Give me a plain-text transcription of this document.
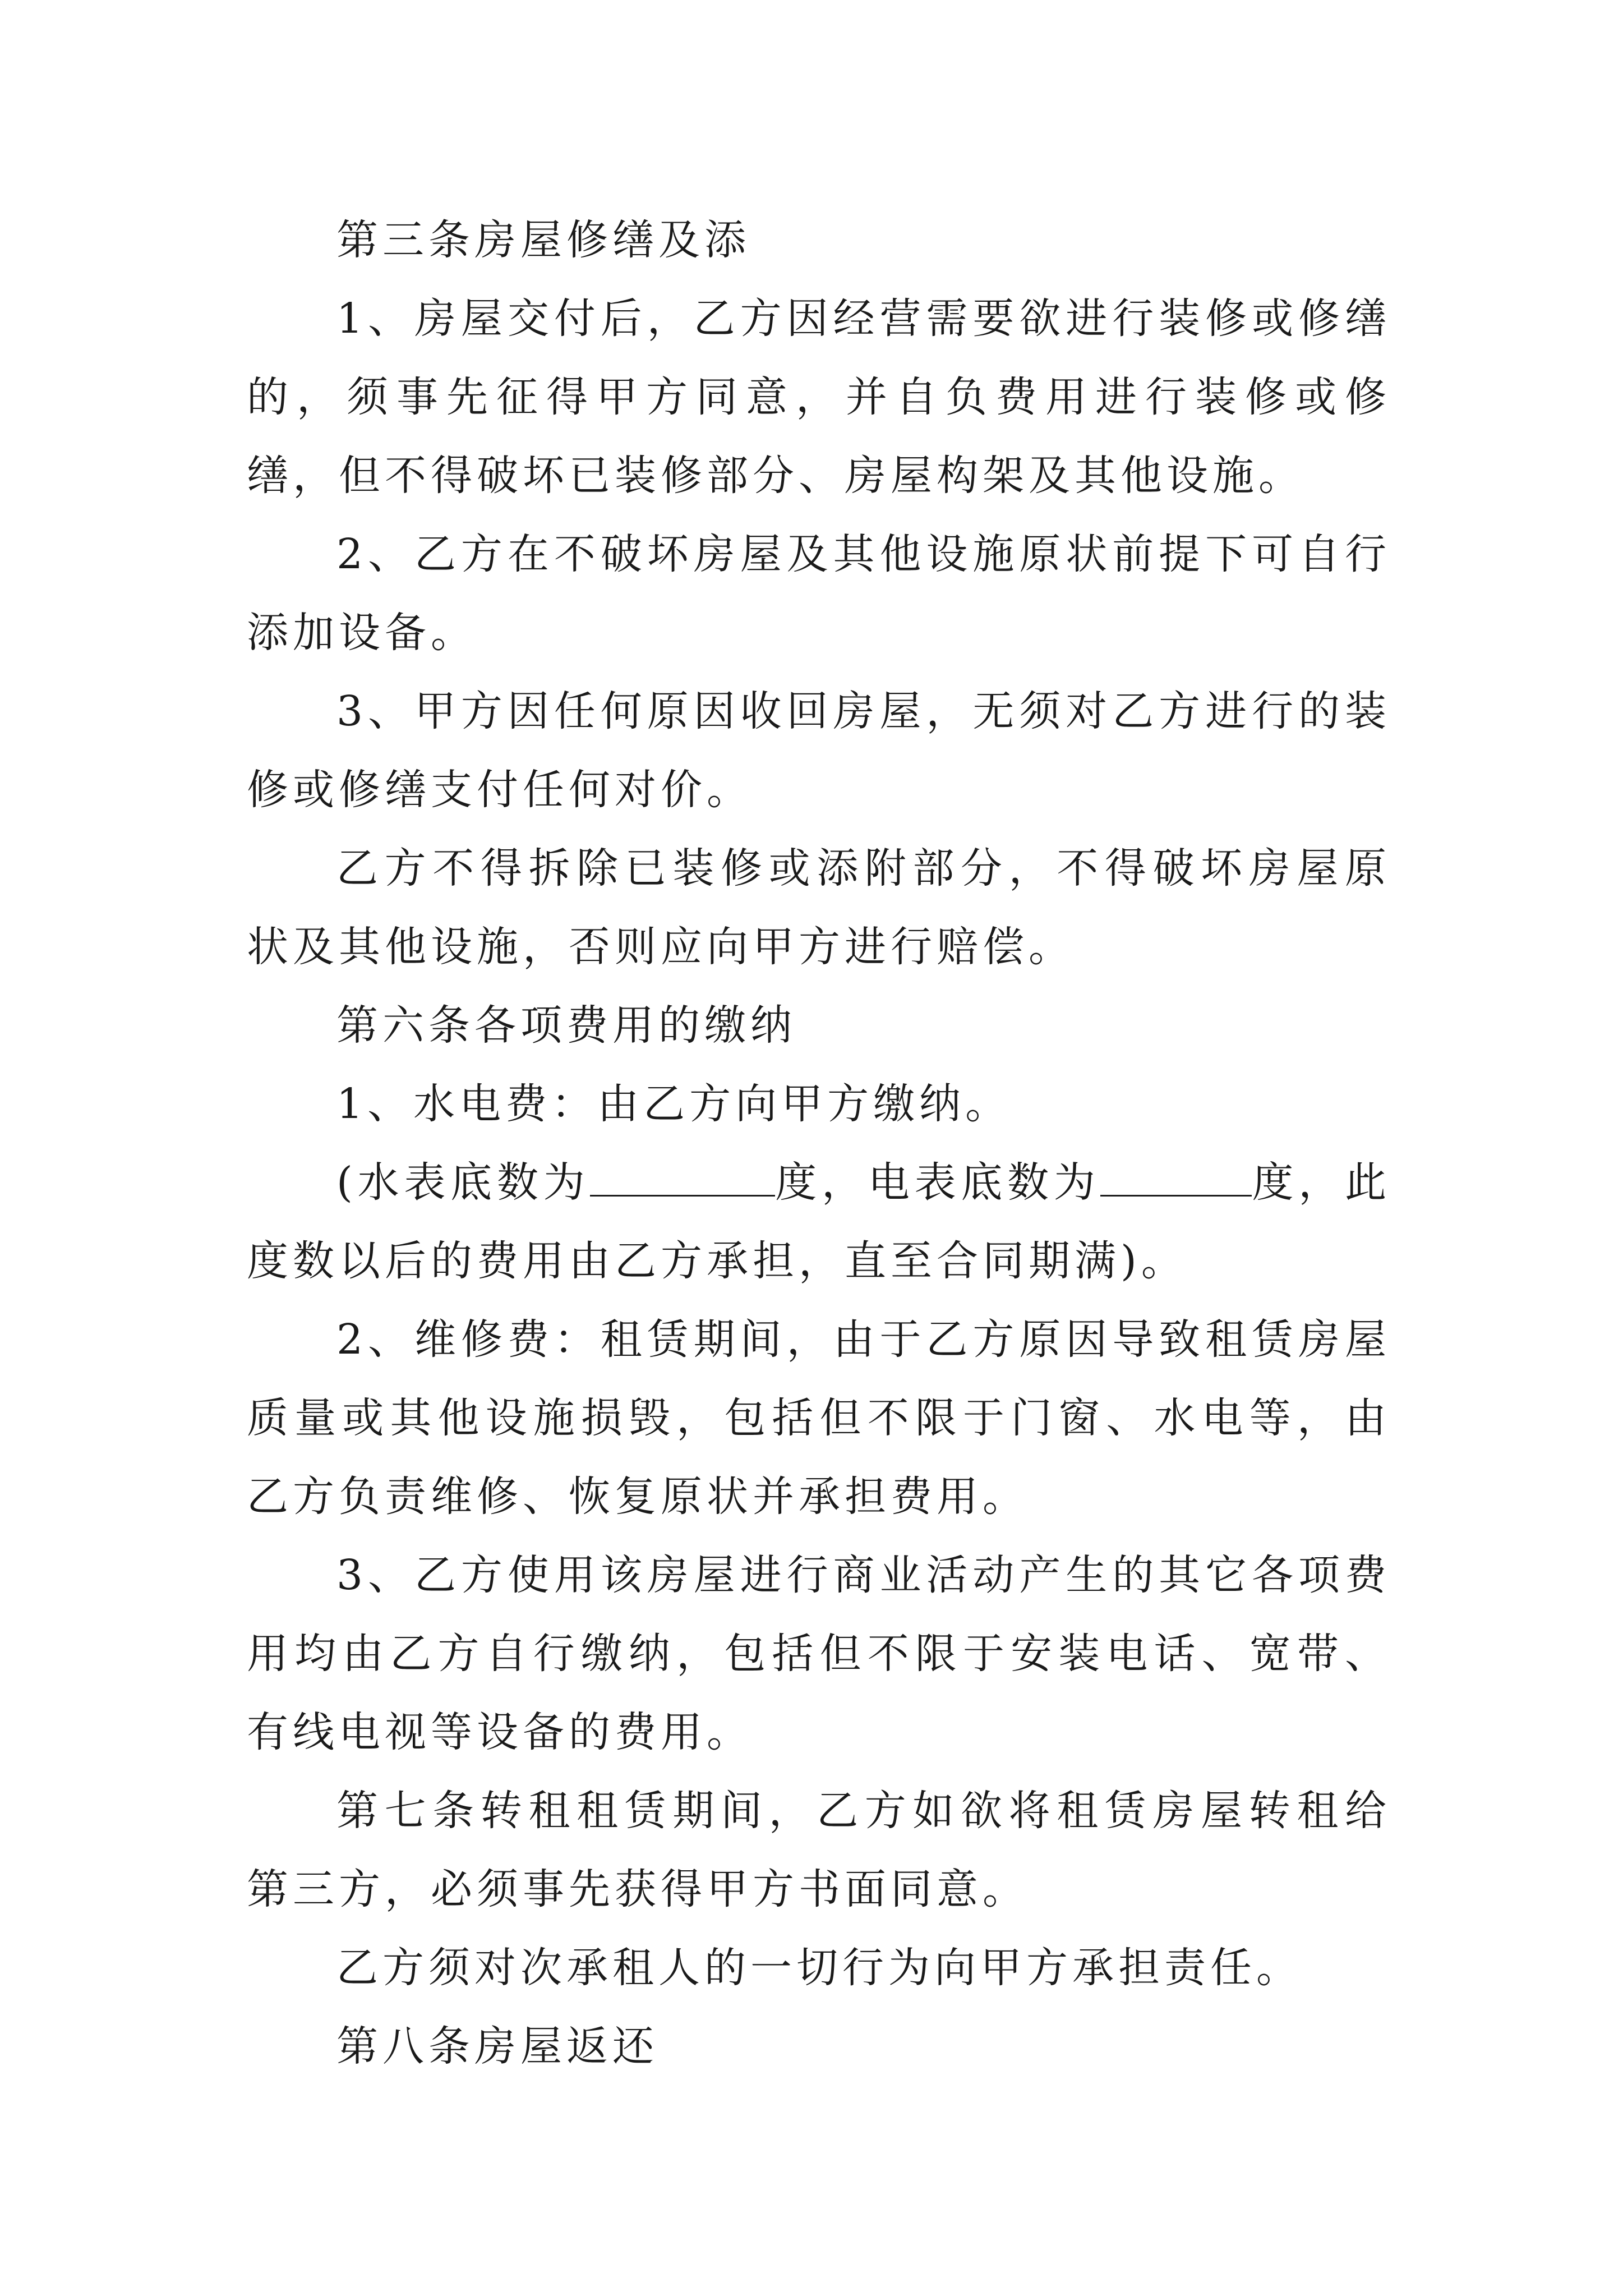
第三条房屋修缮及添

1、房屋交付后，乙方因经营需要欲进行装修或修缮的，须事先征得甲方同意，并自负费用进行装修或修缮，但不得破坏已装修部分、房屋构架及其他设施。

2、乙方在不破坏房屋及其他设施原状前提下可自行添加设备。

3、甲方因任何原因收回房屋，无须对乙方进行的装修或修缮支付任何对价。

乙方不得拆除已装修或添附部分，不得破坏房屋原状及其他设施，否则应向甲方进行赔偿。

第六条各项费用的缴纳

1、水电费：由乙方向甲方缴纳。

(水表底数为	度，电表底数为	度，此度数以后的费用由乙方承担，直至合同期满)。

2、维修费：租赁期间，由于乙方原因导致租赁房屋质量或其他设施损毁，包括但不限于门窗、水电等，由乙方负责维修、恢复原状并承担费用。

3、乙方使用该房屋进行商业活动产生的其它各项费用均由乙方自行缴纳，包括但不限于安装电话、宽带、有线电视等设备的费用。

第七条转租租赁期间，乙方如欲将租赁房屋转租给第三方，必须事先获得甲方书面同意。

乙方须对次承租人的一切行为向甲方承担责任。

第八条房屋返还
